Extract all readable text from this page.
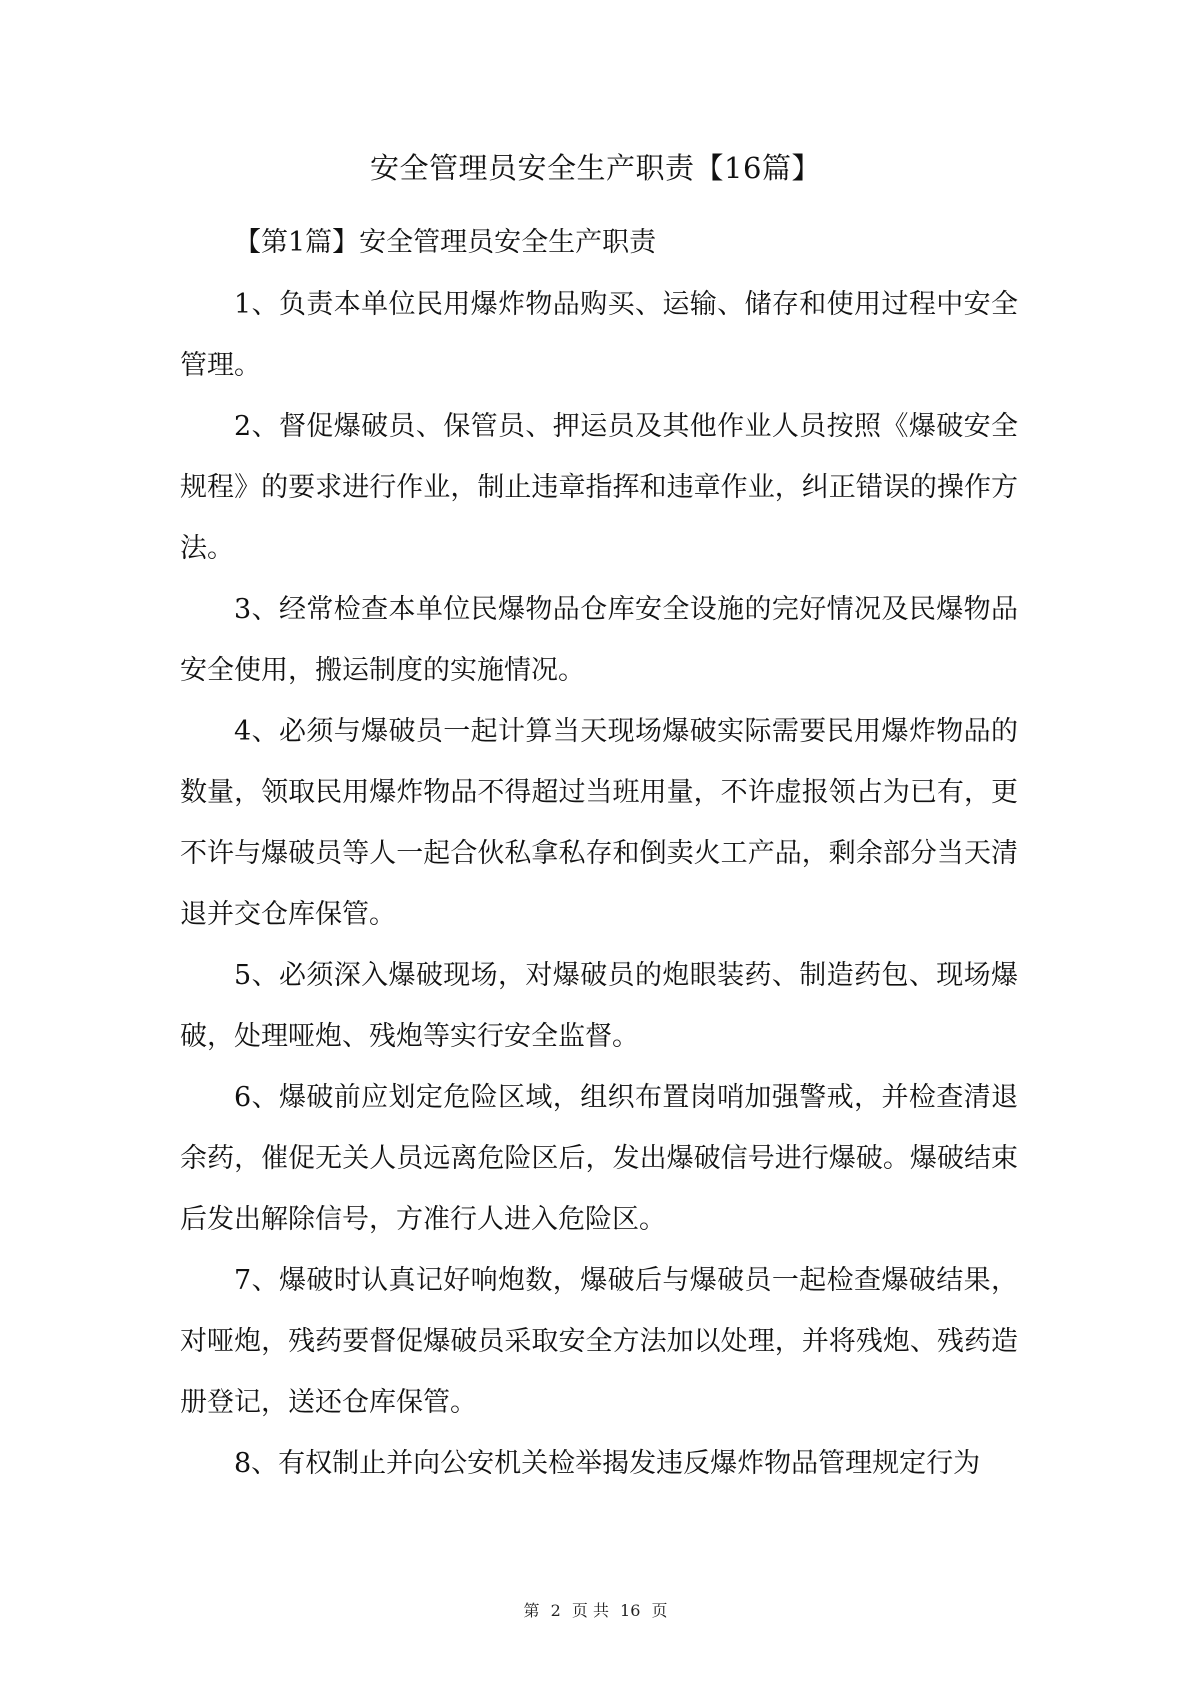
安全管理员安全生产职责【16篇】
【第1篇】安全管理员安全生产职责

1、负责本单位民用爆炸物品购买、运输、储存和使用过程中安全管理。

2、督促爆破员、保管员、押运员及其他作业人员按照《爆破安全规程》的要求进行作业，制止违章指挥和违章作业，纠正错误的操作方法。

3、经常检查本单位民爆物品仓库安全设施的完好情况及民爆物品安全使用，搬运制度的实施情况。

4、必须与爆破员一起计算当天现场爆破实际需要民用爆炸物品的数量，领取民用爆炸物品不得超过当班用量，不许虚报领占为已有，更不许与爆破员等人一起合伙私拿私存和倒卖火工产品，剩余部分当天清退并交仓库保管。

5、必须深入爆破现场，对爆破员的炮眼装药、制造药包、现场爆破，处理哑炮、残炮等实行安全监督。

6、爆破前应划定危险区域，组织布置岗哨加强警戒，并检查清退余药，催促无关人员远离危险区后，发出爆破信号进行爆破。爆破结束后发出解除信号，方准行人进入危险区。

7、爆破时认真记好响炮数，爆破后与爆破员一起检查爆破结果，对哑炮，残药要督促爆破员采取安全方法加以处理，并将残炮、残药造册登记，送还仓库保管。

8、有权制止并向公安机关检举揭发违反爆炸物品管理规定行为

第 2 页 共 16 页
